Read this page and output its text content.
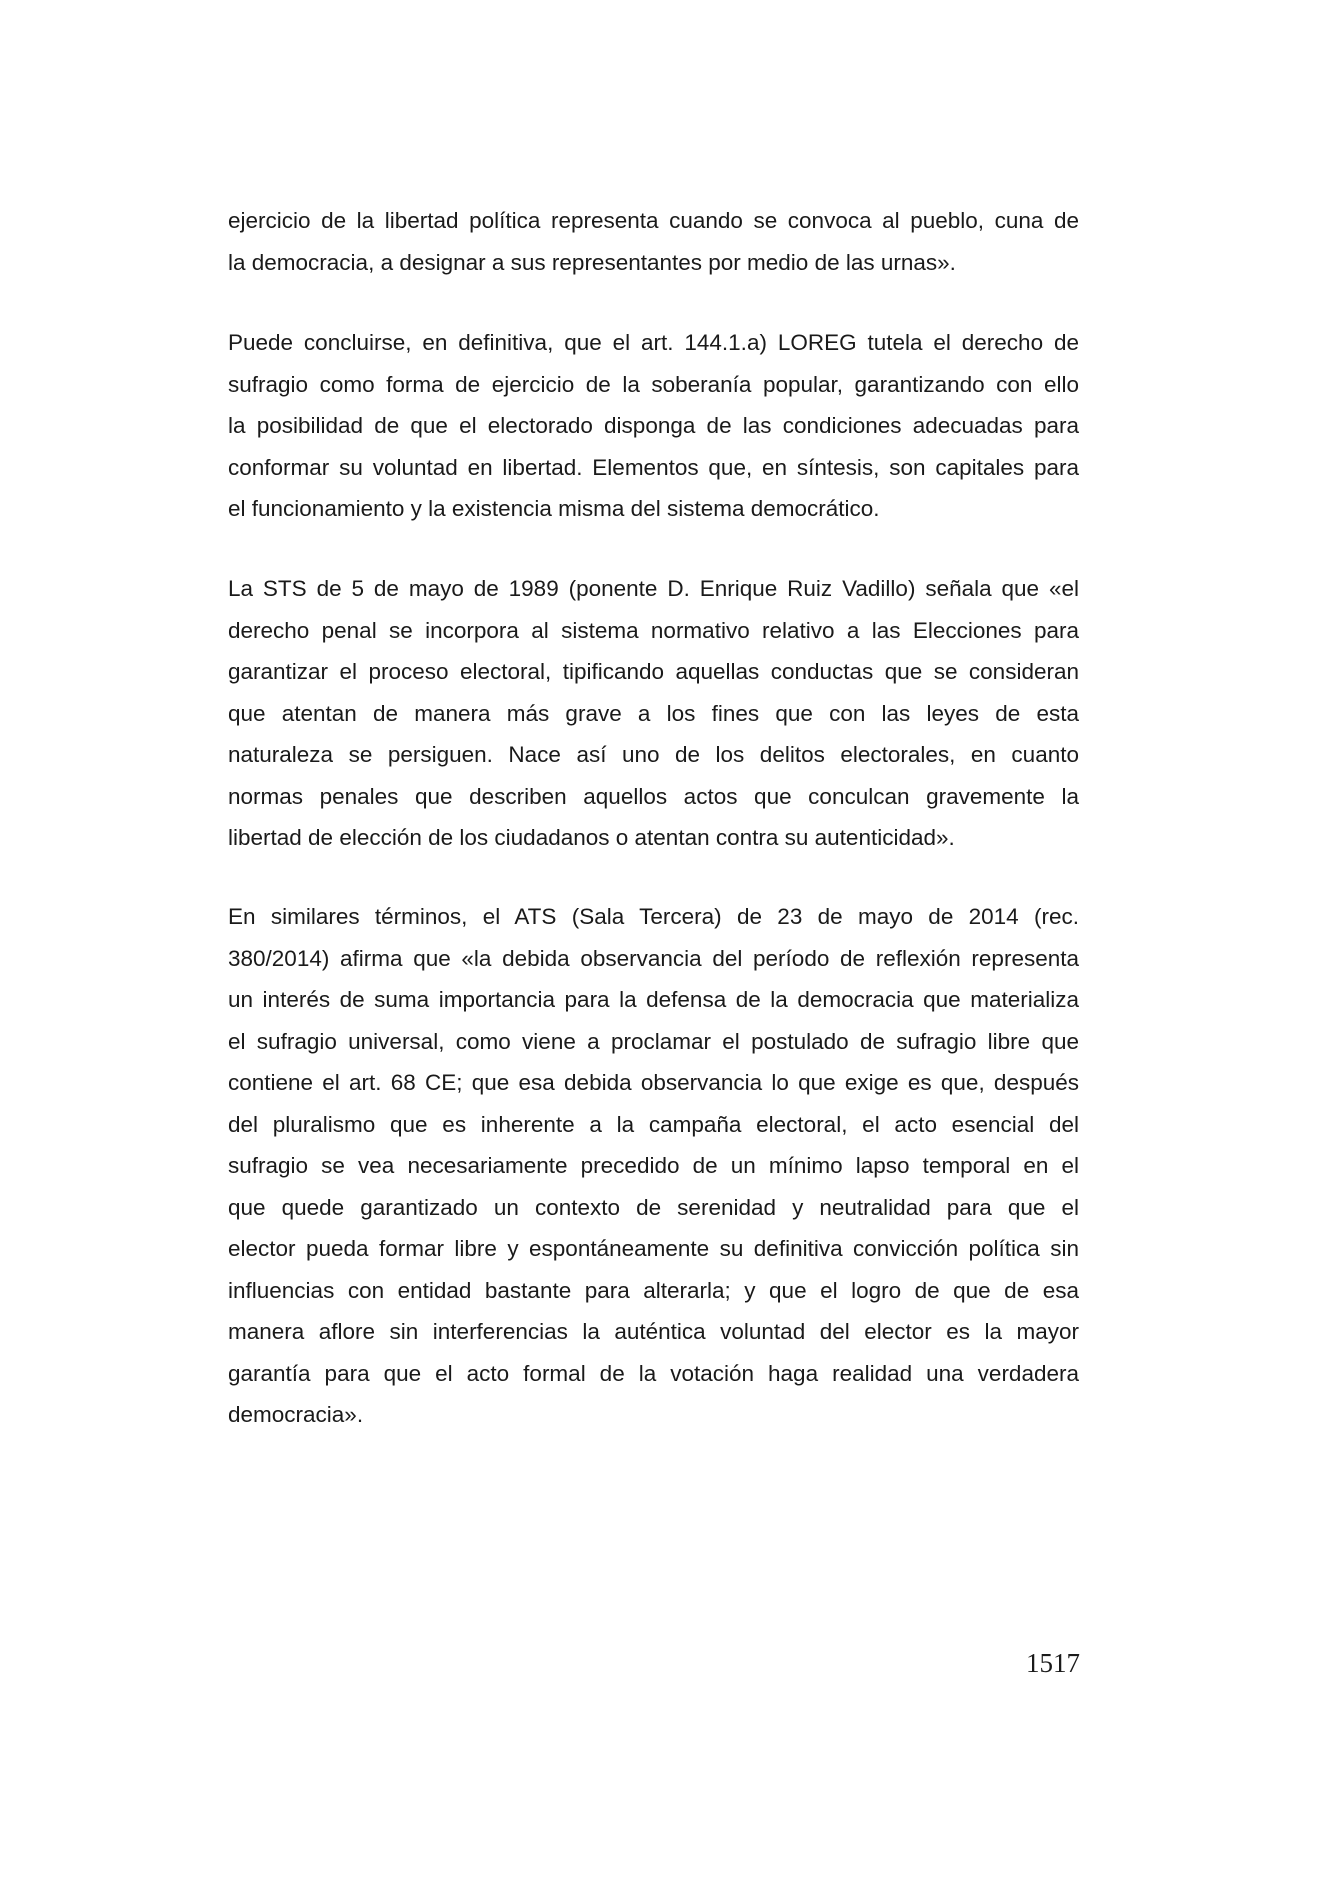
ejercicio de la libertad política representa cuando se convoca al pueblo, cuna de
la democracia, a designar a sus representantes por medio de las urnas».
Puede concluirse, en definitiva, que el art. 144.1.a) LOREG tutela el derecho de
sufragio como forma de ejercicio de la soberanía popular, garantizando con ello
la posibilidad de que el electorado disponga de las condiciones adecuadas para
conformar su voluntad en libertad. Elementos que, en síntesis, son capitales para
el funcionamiento y la existencia misma del sistema democrático.
La STS de 5 de mayo de 1989 (ponente D. Enrique Ruiz Vadillo) señala que «el
derecho penal se incorpora al sistema normativo relativo a las Elecciones para
garantizar el proceso electoral, tipificando aquellas conductas que se consideran
que atentan de manera más grave a los fines que con las leyes de esta
naturaleza se persiguen. Nace así uno de los delitos electorales, en cuanto
normas penales que describen aquellos actos que conculcan gravemente la
libertad de elección de los ciudadanos o atentan contra su autenticidad».
En similares términos, el ATS (Sala Tercera) de 23 de mayo de 2014 (rec.
380/2014) afirma que «la debida observancia del período de reflexión representa
un interés de suma importancia para la defensa de la democracia que materializa
el sufragio universal, como viene a proclamar el postulado de sufragio libre que
contiene el art. 68 CE; que esa debida observancia lo que exige es que, después
del pluralismo que es inherente a la campaña electoral, el acto esencial del
sufragio se vea necesariamente precedido de un mínimo lapso temporal en el
que quede garantizado un contexto de serenidad y neutralidad para que el
elector pueda formar libre y espontáneamente su definitiva convicción política sin
influencias con entidad bastante para alterarla; y que el logro de que de esa
manera aflore sin interferencias la auténtica voluntad del elector es la mayor
garantía para que el acto formal de la votación haga realidad una verdadera
democracia».
1517
